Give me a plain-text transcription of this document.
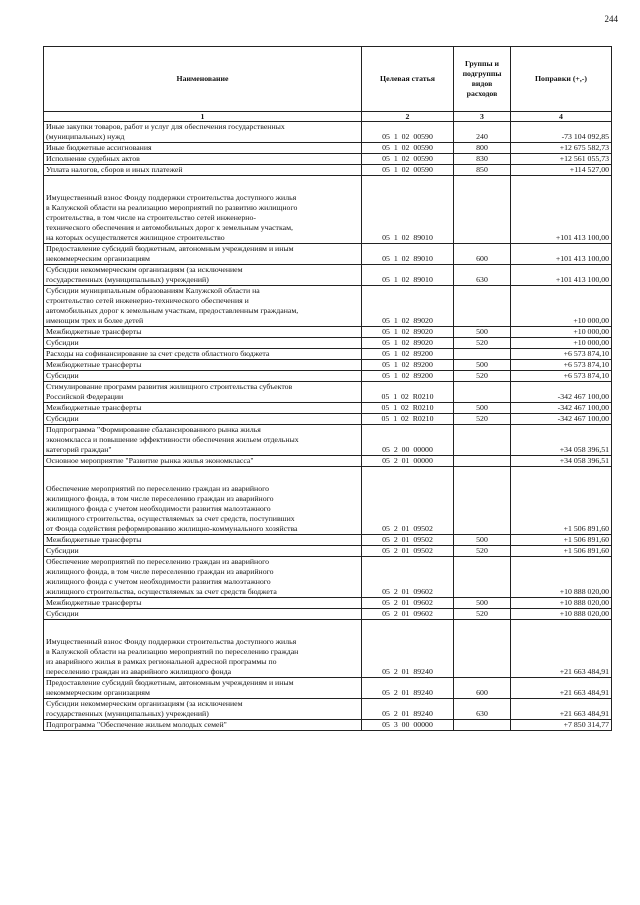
244
Наименование	Целевая статья	Группы и подгруппы видов расходов	Поправки (+,-)
1	2	3	4
Иные закупки товаров, работ и услуг для обеспечения государственных
(муниципальных) нужд	05  1  02  00590	240	-73 104 092,85
Иные бюджетные ассигнования	05  1  02  00590	800	+12 675 582,73
Исполнение судебных актов	05  1  02  00590	830	+12 561 055,73
Уплата налогов, сборов и иных платежей	05  1  02  00590	850	+114 527,00
Имущественный взнос Фонду поддержки строительства доступного жилья
в Калужской области на реализацию мероприятий по развитию жилищного
строительства, в том числе на строительство сетей инженерно-
технического обеспечения и автомобильных дорог к земельным участкам,
на которых осуществляется жилищное строительство	05  1  02  89010		+101 413 100,00
Предоставление субсидий бюджетным, автономным учреждениям и иным
некоммерческим организациям	05  1  02  89010	600	+101 413 100,00
Субсидии некоммерческим организациям (за исключением
государственных (муниципальных) учреждений)	05  1  02  89010	630	+101 413 100,00
Субсидии муниципальным образованиям Калужской области на
строительство сетей инженерно-технического обеспечения и
автомобильных дорог к земельным участкам, предоставленным гражданам,
имеющим трех и более детей	05  1  02  89020		+10 000,00
Межбюджетные трансферты	05  1  02  89020	500	+10 000,00
Субсидии	05  1  02  89020	520	+10 000,00
Расходы на софинансирование за счет средств областного бюджета	05  1  02  89200		+6 573 874,10
Межбюджетные трансферты	05  1  02  89200	500	+6 573 874,10
Субсидии	05  1  02  89200	520	+6 573 874,10
Стимулирование программ развития жилищного строительства субъектов
Российской Федерации	05  1  02  R0210		-342 467 100,00
Межбюджетные трансферты	05  1  02  R0210	500	-342 467 100,00
Субсидии	05  1  02  R0210	520	-342 467 100,00
Подпрограмма "Формирование сбалансированного рынка жилья
экономкласса и повышение эффективности обеспечения жильем отдельных
категорий граждан"	05  2  00  00000		+34 058 396,51
Основное мероприятие "Развитие рынка жилья экономкласса"	05  2  01  00000		+34 058 396,51
Обеспечение мероприятий по переселению граждан из аварийного
жилищного фонда, в том числе переселению граждан из аварийного
жилищного фонда с учетом необходимости развития малоэтажного
жилищного строительства, осуществляемых за счет средств, поступивших
от Фонда содействия реформированию жилищно-коммунального хозяйства	05  2  01  09502		+1 506 891,60
Межбюджетные трансферты	05  2  01  09502	500	+1 506 891,60
Субсидии	05  2  01  09502	520	+1 506 891,60
Обеспечение мероприятий по переселению граждан из аварийного
жилищного фонда, в том числе переселению граждан из аварийного
жилищного фонда с учетом необходимости развития малоэтажного
жилищного строительства, осуществляемых за счет средств бюджета	05  2  01  09602		+10 888 020,00
Межбюджетные трансферты	05  2  01  09602	500	+10 888 020,00
Субсидии	05  2  01  09602	520	+10 888 020,00
Имущественный взнос Фонду поддержки строительства доступного жилья
в Калужской области на реализацию мероприятий по переселению граждан
из аварийного жилья в рамках региональной адресной программы по
переселению граждан из аварийного жилищного фонда	05  2  01  89240		+21 663 484,91
Предоставление субсидий бюджетным, автономным учреждениям и иным
некоммерческим организациям	05  2  01  89240	600	+21 663 484,91
Субсидии некоммерческим организациям (за исключением
государственных (муниципальных) учреждений)	05  2  01  89240	630	+21 663 484,91
Подпрограмма "Обеспечение жильем молодых семей"	05  3  00  00000		+7 850 314,77
